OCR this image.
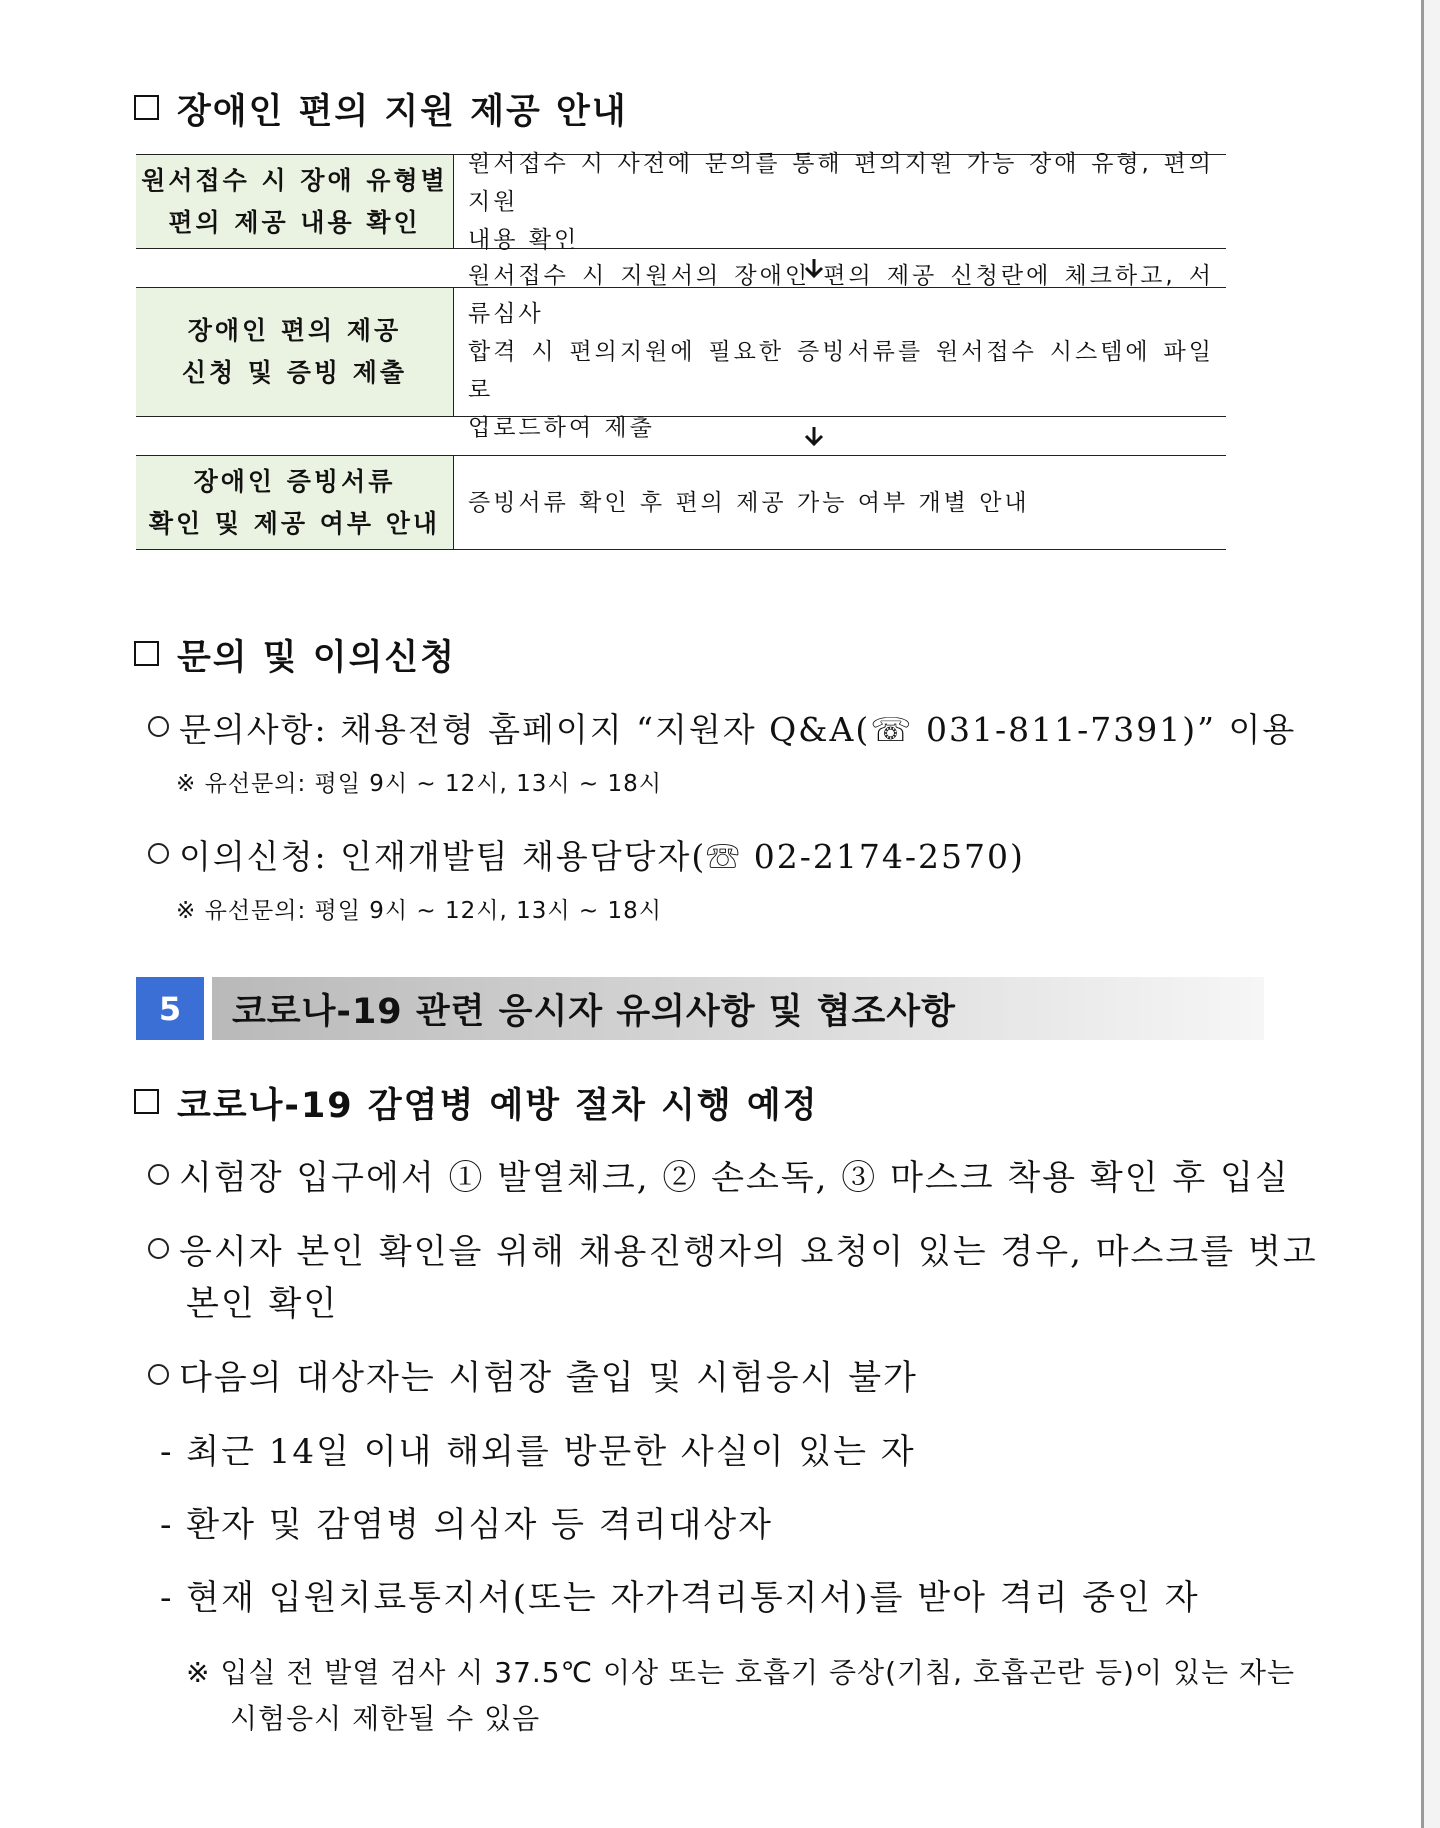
장애인 편의 지원 제공 안내
원서접수 시 장애 유형별
편의 제공 내용 확인
원서접수 시 사전에 문의를 통해 편의지원 가능 장애 유형, 편의지원
내용 확인
장애인 편의 제공
신청 및 증빙 제출
원서접수 시 지원서의 장애인 편의 제공 신청란에 체크하고, 서류심사
합격 시 편의지원에 필요한 증빙서류를 원서접수 시스템에 파일로
업로드하여 제출
장애인 증빙서류
확인 및 제공 여부 안내
증빙서류 확인 후 편의 제공 가능 여부 개별 안내
문의 및 이의신청
문의사항: 채용전형 홈페이지 “지원자 Q&A(☏ 031-811-7391)” 이용
※ 유선문의: 평일 9시 ~ 12시, 13시 ~ 18시
이의신청: 인재개발팀 채용담당자(☏ 02-2174-2570)
※ 유선문의: 평일 9시 ~ 12시, 13시 ~ 18시
5	코로나-19 관련 응시자 유의사항 및 협조사항
코로나-19 감염병 예방 절차 시행 예정
시험장 입구에서 ① 발열체크, ② 손소독, ③ 마스크 착용 확인 후 입실
응시자 본인 확인을 위해 채용진행자의 요청이 있는 경우, 마스크를 벗고
본인 확인
다음의 대상자는 시험장 출입 및 시험응시 불가
- 최근 14일 이내 해외를 방문한 사실이 있는 자
- 환자 및 감염병 의심자 등 격리대상자
- 현재 입원치료통지서(또는 자가격리통지서)를 받아 격리 중인 자
※ 입실 전 발열 검사 시 37.5℃ 이상 또는 호흡기 증상(기침, 호흡곤란 등)이 있는 자는
시험응시 제한될 수 있음
